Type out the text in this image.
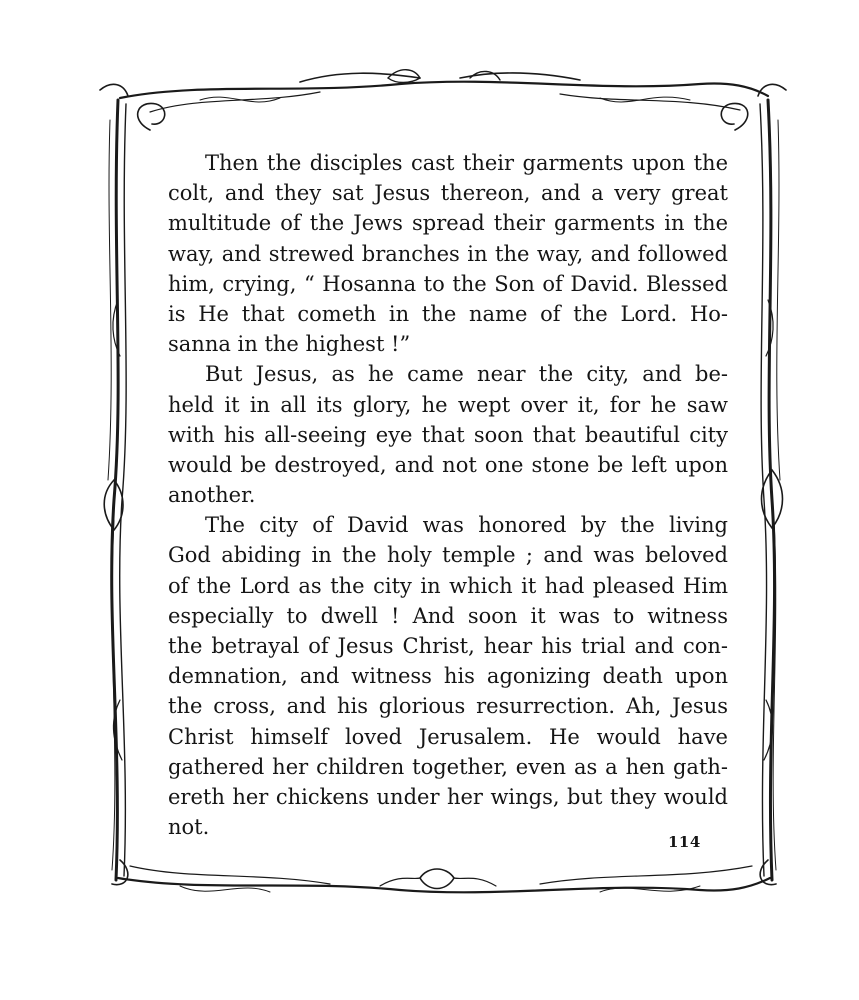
Then the disciples cast their garments upon the
colt, and they sat Jesus thereon, and a very great
multitude of the Jews spread their garments in the
way, and strewed branches in the way, and followed
him, crying, “ Hosanna to the Son of David. Blessed
is He that cometh in the name of the Lord. Ho-
sanna in the highest !”
But Jesus, as he came near the city, and be-
held it in all its glory, he wept over it, for he saw
with his all-seeing eye that soon that beautiful city
would be destroyed, and not one stone be left upon
another.
The city of David was honored by the living
God abiding in the holy temple ; and was beloved
of the Lord as the city in which it had pleased Him
especially to dwell ! And soon it was to witness
the betrayal of Jesus Christ, hear his trial and con-
demnation, and witness his agonizing death upon
the cross, and his glorious resurrection. Ah, Jesus
Christ himself loved Jerusalem. He would have
gathered her children together, even as a hen gath-
ereth her chickens under her wings, but they would
not.
114
